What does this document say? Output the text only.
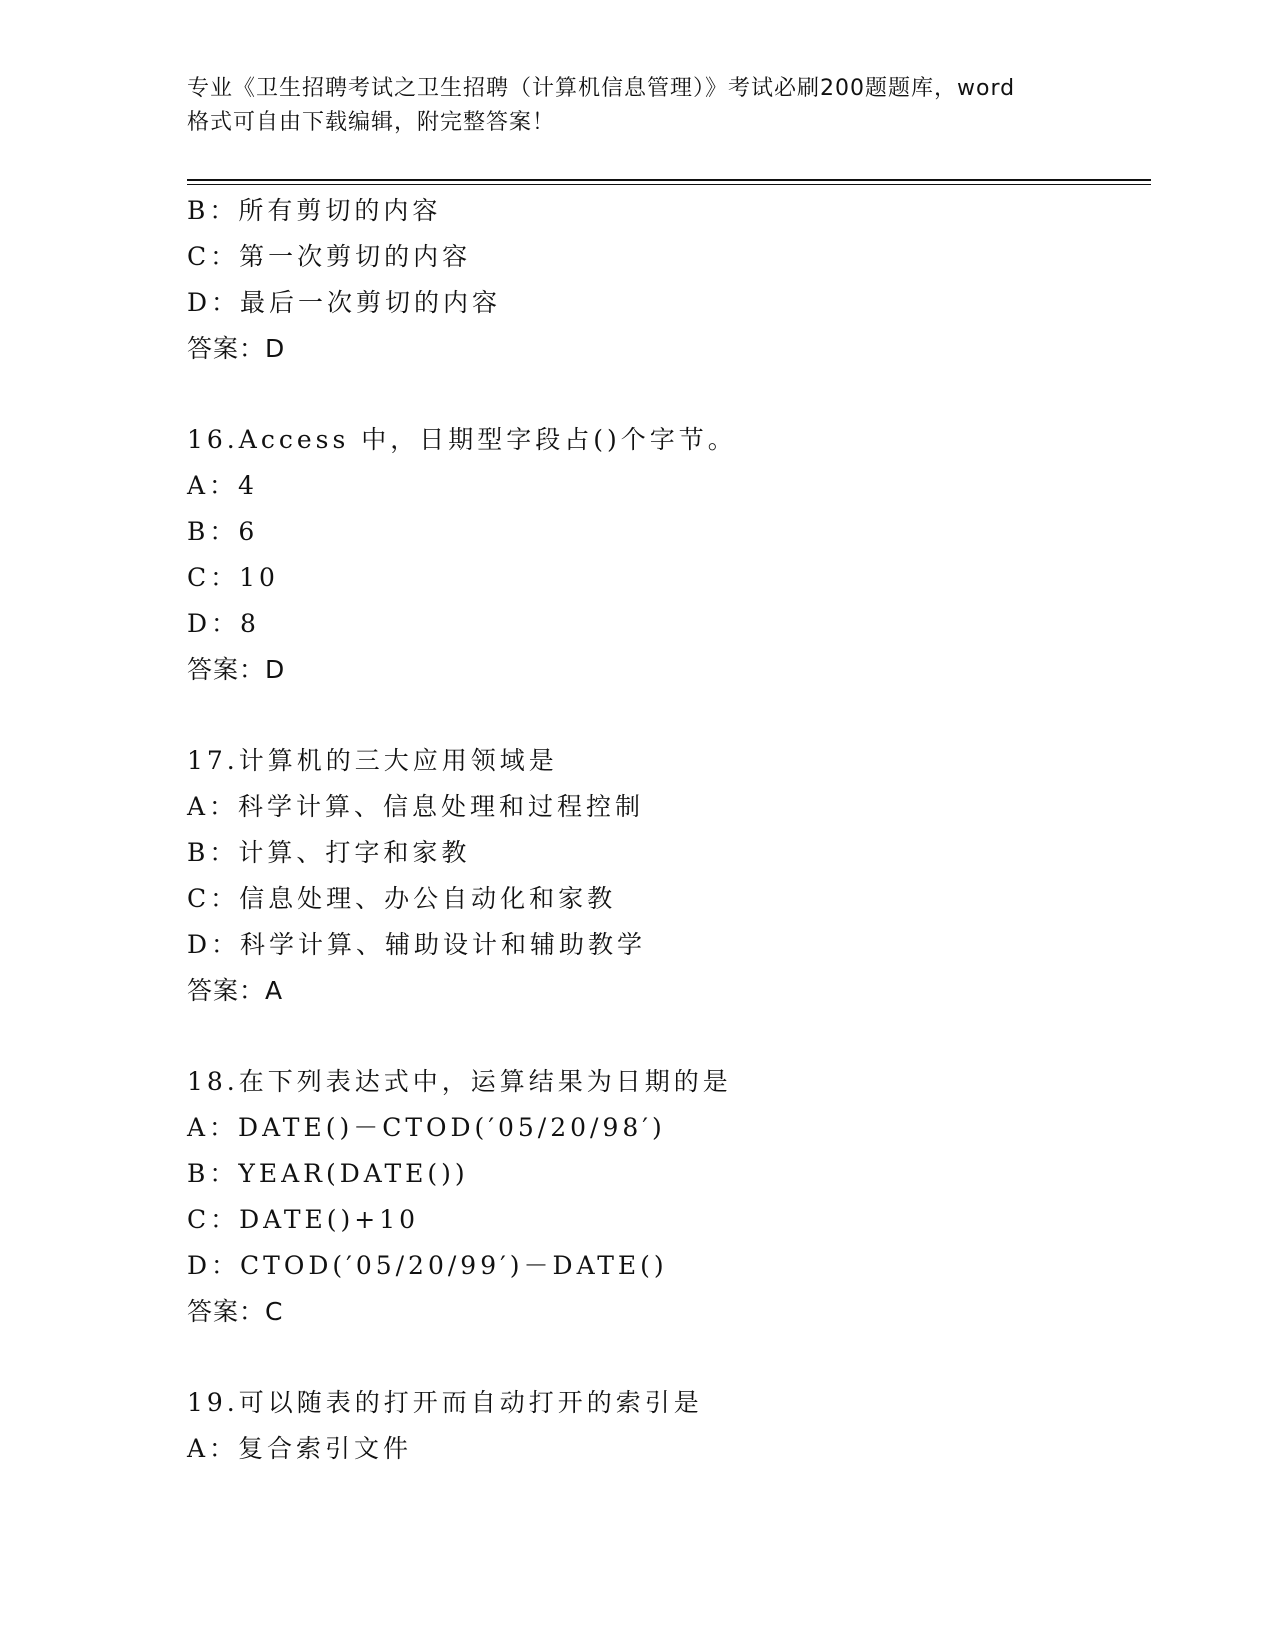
专业《卫生招聘考试之卫生招聘（计算机信息管理）》考试必刷200题题库，word
格式可自由下载编辑，附完整答案！
B：所有剪切的内容
C：第一次剪切的内容
D：最后一次剪切的内容
答案：D
16.Access 中，日期型字段占()个字节。
A：4
B：6
C：10
D：8
答案：D
17.计算机的三大应用领域是
A：科学计算、信息处理和过程控制
B：计算、打字和家教
C：信息处理、办公自动化和家教
D：科学计算、辅助设计和辅助教学
答案：A
18.在下列表达式中，运算结果为日期的是
A：DATE()－CTOD(′05/20/98′)
B：YEAR(DATE())
C：DATE()+10
D：CTOD(′05/20/99′)－DATE()
答案：C
19.可以随表的打开而自动打开的索引是
A：复合索引文件
